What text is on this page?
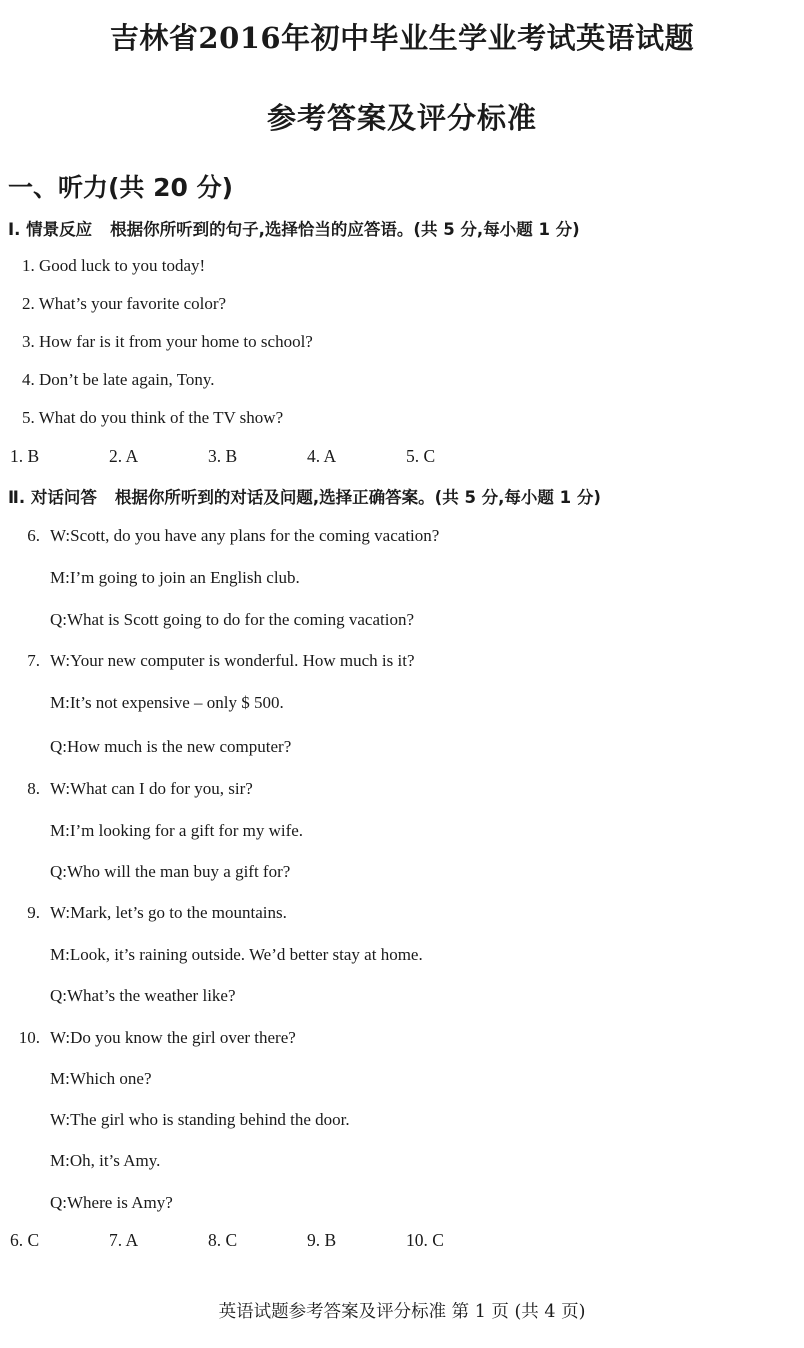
吉林省2016年初中毕业生学业考试英语试题
参考答案及评分标准
一、听力(共 20 分)
Ⅰ. 情景反应 根据你所听到的句子,选择恰当的应答语。(共 5 分,每小题 1 分)
1. Good luck to you today!
2. What’s your favorite color?
3. How far is it from your home to school?
4. Don’t be late again, Tony.
5. What do you think of the TV show?
1. B	2. A	3. B	4. A	5. C
Ⅱ. 对话问答 根据你所听到的对话及问题,选择正确答案。(共 5 分,每小题 1 分)
6. W:Scott, do you have any plans for the coming vacation?
M:I’m going to join an English club.
Q:What is Scott going to do for the coming vacation?
7. W:Your new computer is wonderful. How much is it?
M:It’s not expensive – only $ 500.
Q:How much is the new computer?
8. W:What can I do for you, sir?
M:I’m looking for a gift for my wife.
Q:Who will the man buy a gift for?
9. W:Mark, let’s go to the mountains.
M:Look, it’s raining outside. We’d better stay at home.
Q:What’s the weather like?
10. W:Do you know the girl over there?
M:Which one?
W:The girl who is standing behind the door.
M:Oh, it’s Amy.
Q:Where is Amy?
6. C	7. A	8. C	9. B	10. C
英语试题参考答案及评分标准 第 1 页 (共 4 页)
